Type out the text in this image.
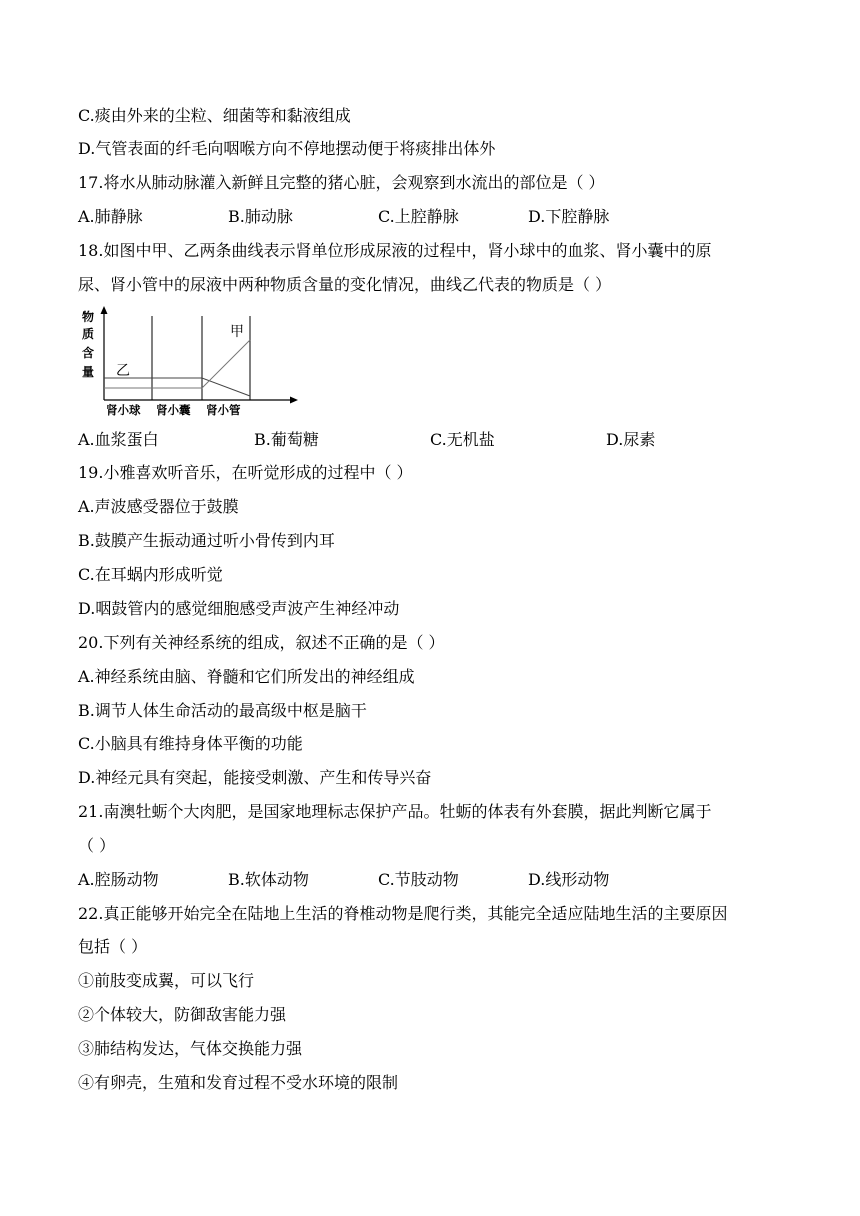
C.痰由外来的尘粒、细菌等和黏液组成
D.气管表面的纤毛向咽喉方向不停地摆动便于将痰排出体外
17.将水从肺动脉灌入新鲜且完整的猪心脏，会观察到水流出的部位是（ ）
A.肺静脉	B.肺动脉	C.上腔静脉	D.下腔静脉
18.如图中甲、乙两条曲线表示肾单位形成尿液的过程中，肾小球中的血浆、肾小囊中的原
尿、肾小管中的尿液中两种物质含量的变化情况，曲线乙代表的物质是（ ）
物
质
含
量
甲
乙
肾小球 肾小囊 肾小管
A.血浆蛋白	B.葡萄糖	C.无机盐	D.尿素
19.小雅喜欢听音乐，在听觉形成的过程中（ ）
A.声波感受器位于鼓膜
B.鼓膜产生振动通过听小骨传到内耳
C.在耳蜗内形成听觉
D.咽鼓管内的感觉细胞感受声波产生神经冲动
20.下列有关神经系统的组成，叙述不正确的是（ ）
A.神经系统由脑、脊髓和它们所发出的神经组成
B.调节人体生命活动的最高级中枢是脑干
C.小脑具有维持身体平衡的功能
D.神经元具有突起，能接受刺激、产生和传导兴奋
21.南澳牡蛎个大肉肥，是国家地理标志保护产品。牡蛎的体表有外套膜，据此判断它属于
（ ）
A.腔肠动物	B.软体动物	C.节肢动物	D.线形动物
22.真正能够开始完全在陆地上生活的脊椎动物是爬行类，其能完全适应陆地生活的主要原因
包括（ ）
①前肢变成翼，可以飞行
②个体较大，防御敌害能力强
③肺结构发达，气体交换能力强
④有卵壳，生殖和发育过程不受水环境的限制
